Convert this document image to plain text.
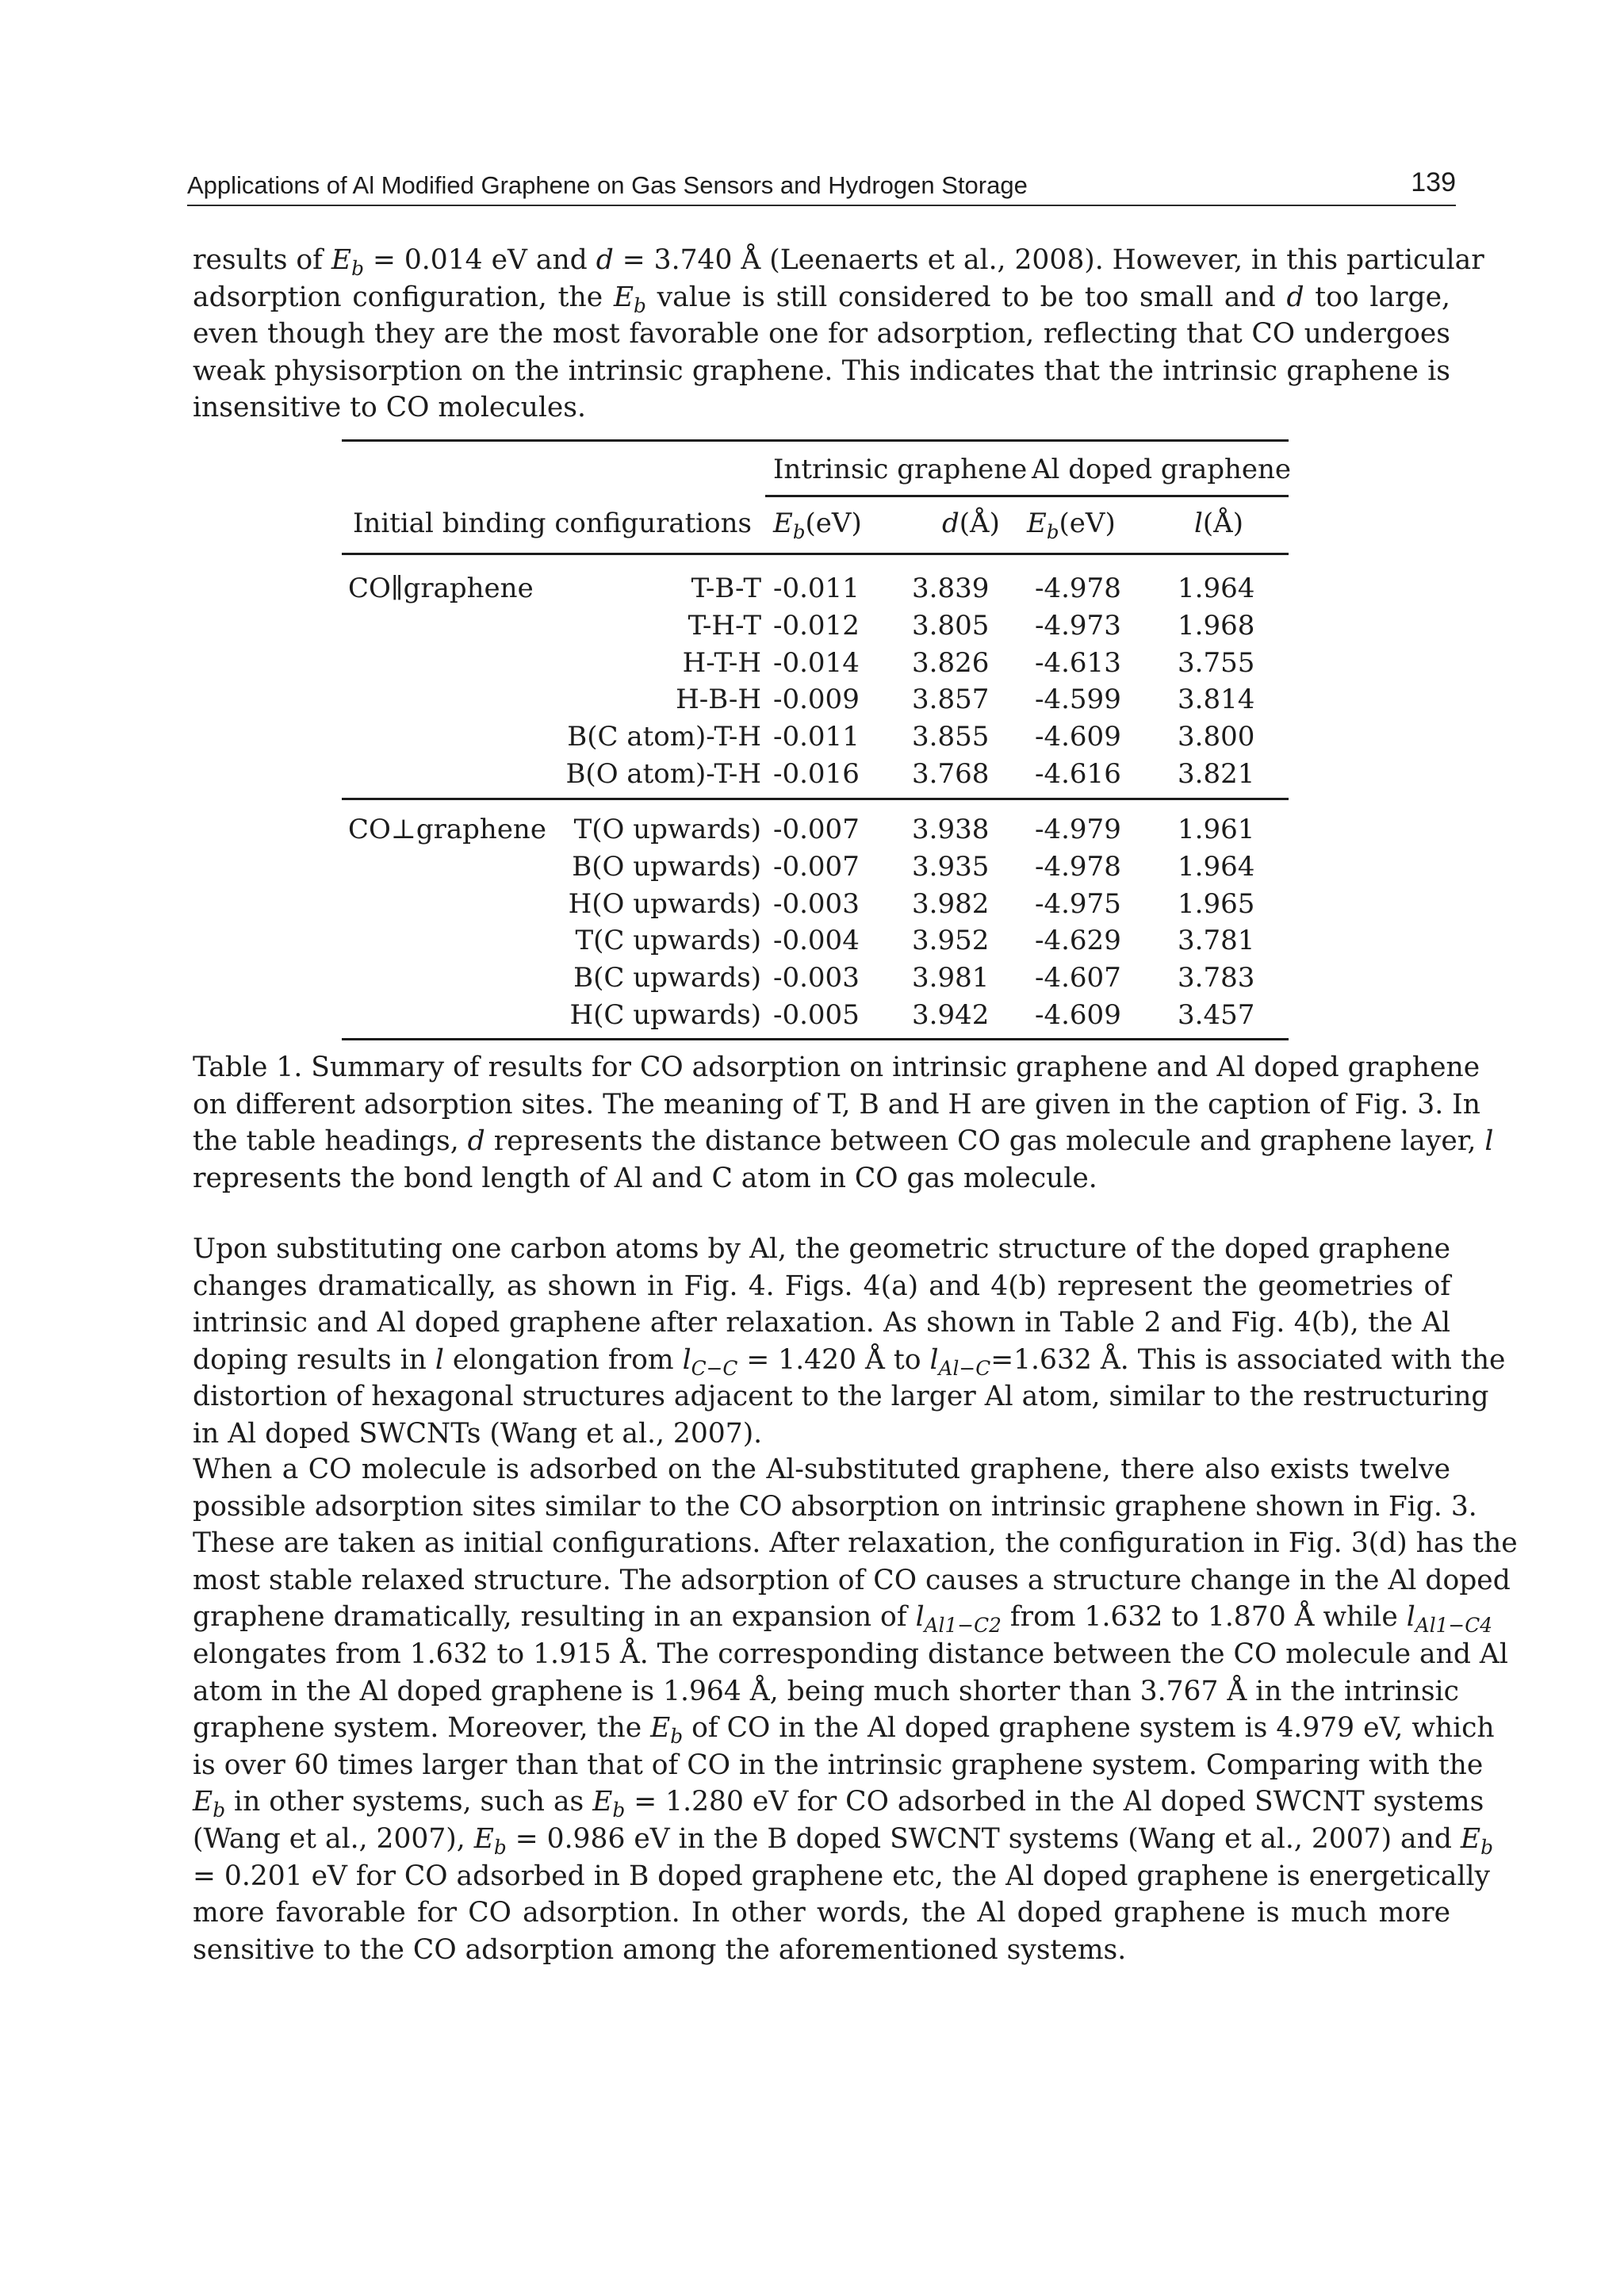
Applications of Al Modified Graphene on Gas Sensors and Hydrogen Storage	139

results of $E_b = 0.014$ eV and d = 3.740 Å (Leenaerts et al., 2008). However, in this particular
adsorption configuration, the $E_b$ value is still considered to be too small and d too large,
even though they are the most favorable one for adsorption, reflecting that CO undergoes
weak physisorption on the intrinsic graphene. This indicates that the intrinsic graphene is
insensitive to CO molecules.

Intrinsic graphene Al doped graphene
Initial binding configurations $E_b(eV)$	d(Å) $E_b(eV)$	l(Å)
CO∥graphene	T-B-T -0.011 3.839 -4.978 1.964
T-H-T -0.012 3.805 -4.973 1.968
H-T-H -0.014 3.826 -4.613 3.755
H-B-H -0.009 3.857 -4.599 3.814
B(C atom)-T-H -0.011 3.855 -4.609 3.800
B(O atom)-T-H -0.016 3.768 -4.616 3.821
CO⊥graphene T(O upwards) -0.007 3.938 -4.979 1.961
B(O upwards) -0.007 3.935 -4.978 1.964
H(O upwards) -0.003 3.982 -4.975 1.965
T(C upwards) -0.004 3.952 -4.629 3.781
B(C upwards) -0.003 3.981 -4.607 3.783
H(C upwards) -0.005 3.942 -4.609 3.457

Table 1. Summary of results for CO adsorption on intrinsic graphene and Al doped graphene
on different adsorption sites. The meaning of T, B and H are given in the caption of Fig. 3. In
the table headings, d represents the distance between CO gas molecule and graphene layer, l
represents the bond length of Al and C atom in CO gas molecule.

Upon substituting one carbon atoms by Al, the geometric structure of the doped graphene
changes dramatically, as shown in Fig. 4. Figs. 4(a) and 4(b) represent the geometries of
intrinsic and Al doped graphene after relaxation. As shown in Table 2 and Fig. 4(b), the Al
doping results in l elongation from $l_{C-C} = 1.420$ Å to $l_{Al-C}=1.632$ Å. This is associated with the
distortion of hexagonal structures adjacent to the larger Al atom, similar to the restructuring
in Al doped SWCNTs (Wang et al., 2007).

When a CO molecule is adsorbed on the Al-substituted graphene, there also exists twelve
possible adsorption sites similar to the CO absorption on intrinsic graphene shown in Fig. 3.
These are taken as initial configurations. After relaxation, the configuration in Fig. 3(d) has the
most stable relaxed structure. The adsorption of CO causes a structure change in the Al doped
graphene dramatically, resulting in an expansion of $l_{Al1-C2}$ from 1.632 to 1.870 Å while $l_{Al1-C4}$
elongates from 1.632 to 1.915 Å. The corresponding distance between the CO molecule and Al
atom in the Al doped graphene is 1.964 Å, being much shorter than 3.767 Å in the intrinsic
graphene system. Moreover, the $E_b$ of CO in the Al doped graphene system is 4.979 eV, which
is over 60 times larger than that of CO in the intrinsic graphene system. Comparing with the
$E_b$ in other systems, such as $E_b = 1.280$ eV for CO adsorbed in the Al doped SWCNT systems
(Wang et al., 2007), $E_b = 0.986$ eV in the B doped SWCNT systems (Wang et al., 2007) and $E_b$
= 0.201 eV for CO adsorbed in B doped graphene etc, the Al doped graphene is energetically
more favorable for CO adsorption. In other words, the Al doped graphene is much more
sensitive to the CO adsorption among the aforementioned systems.
